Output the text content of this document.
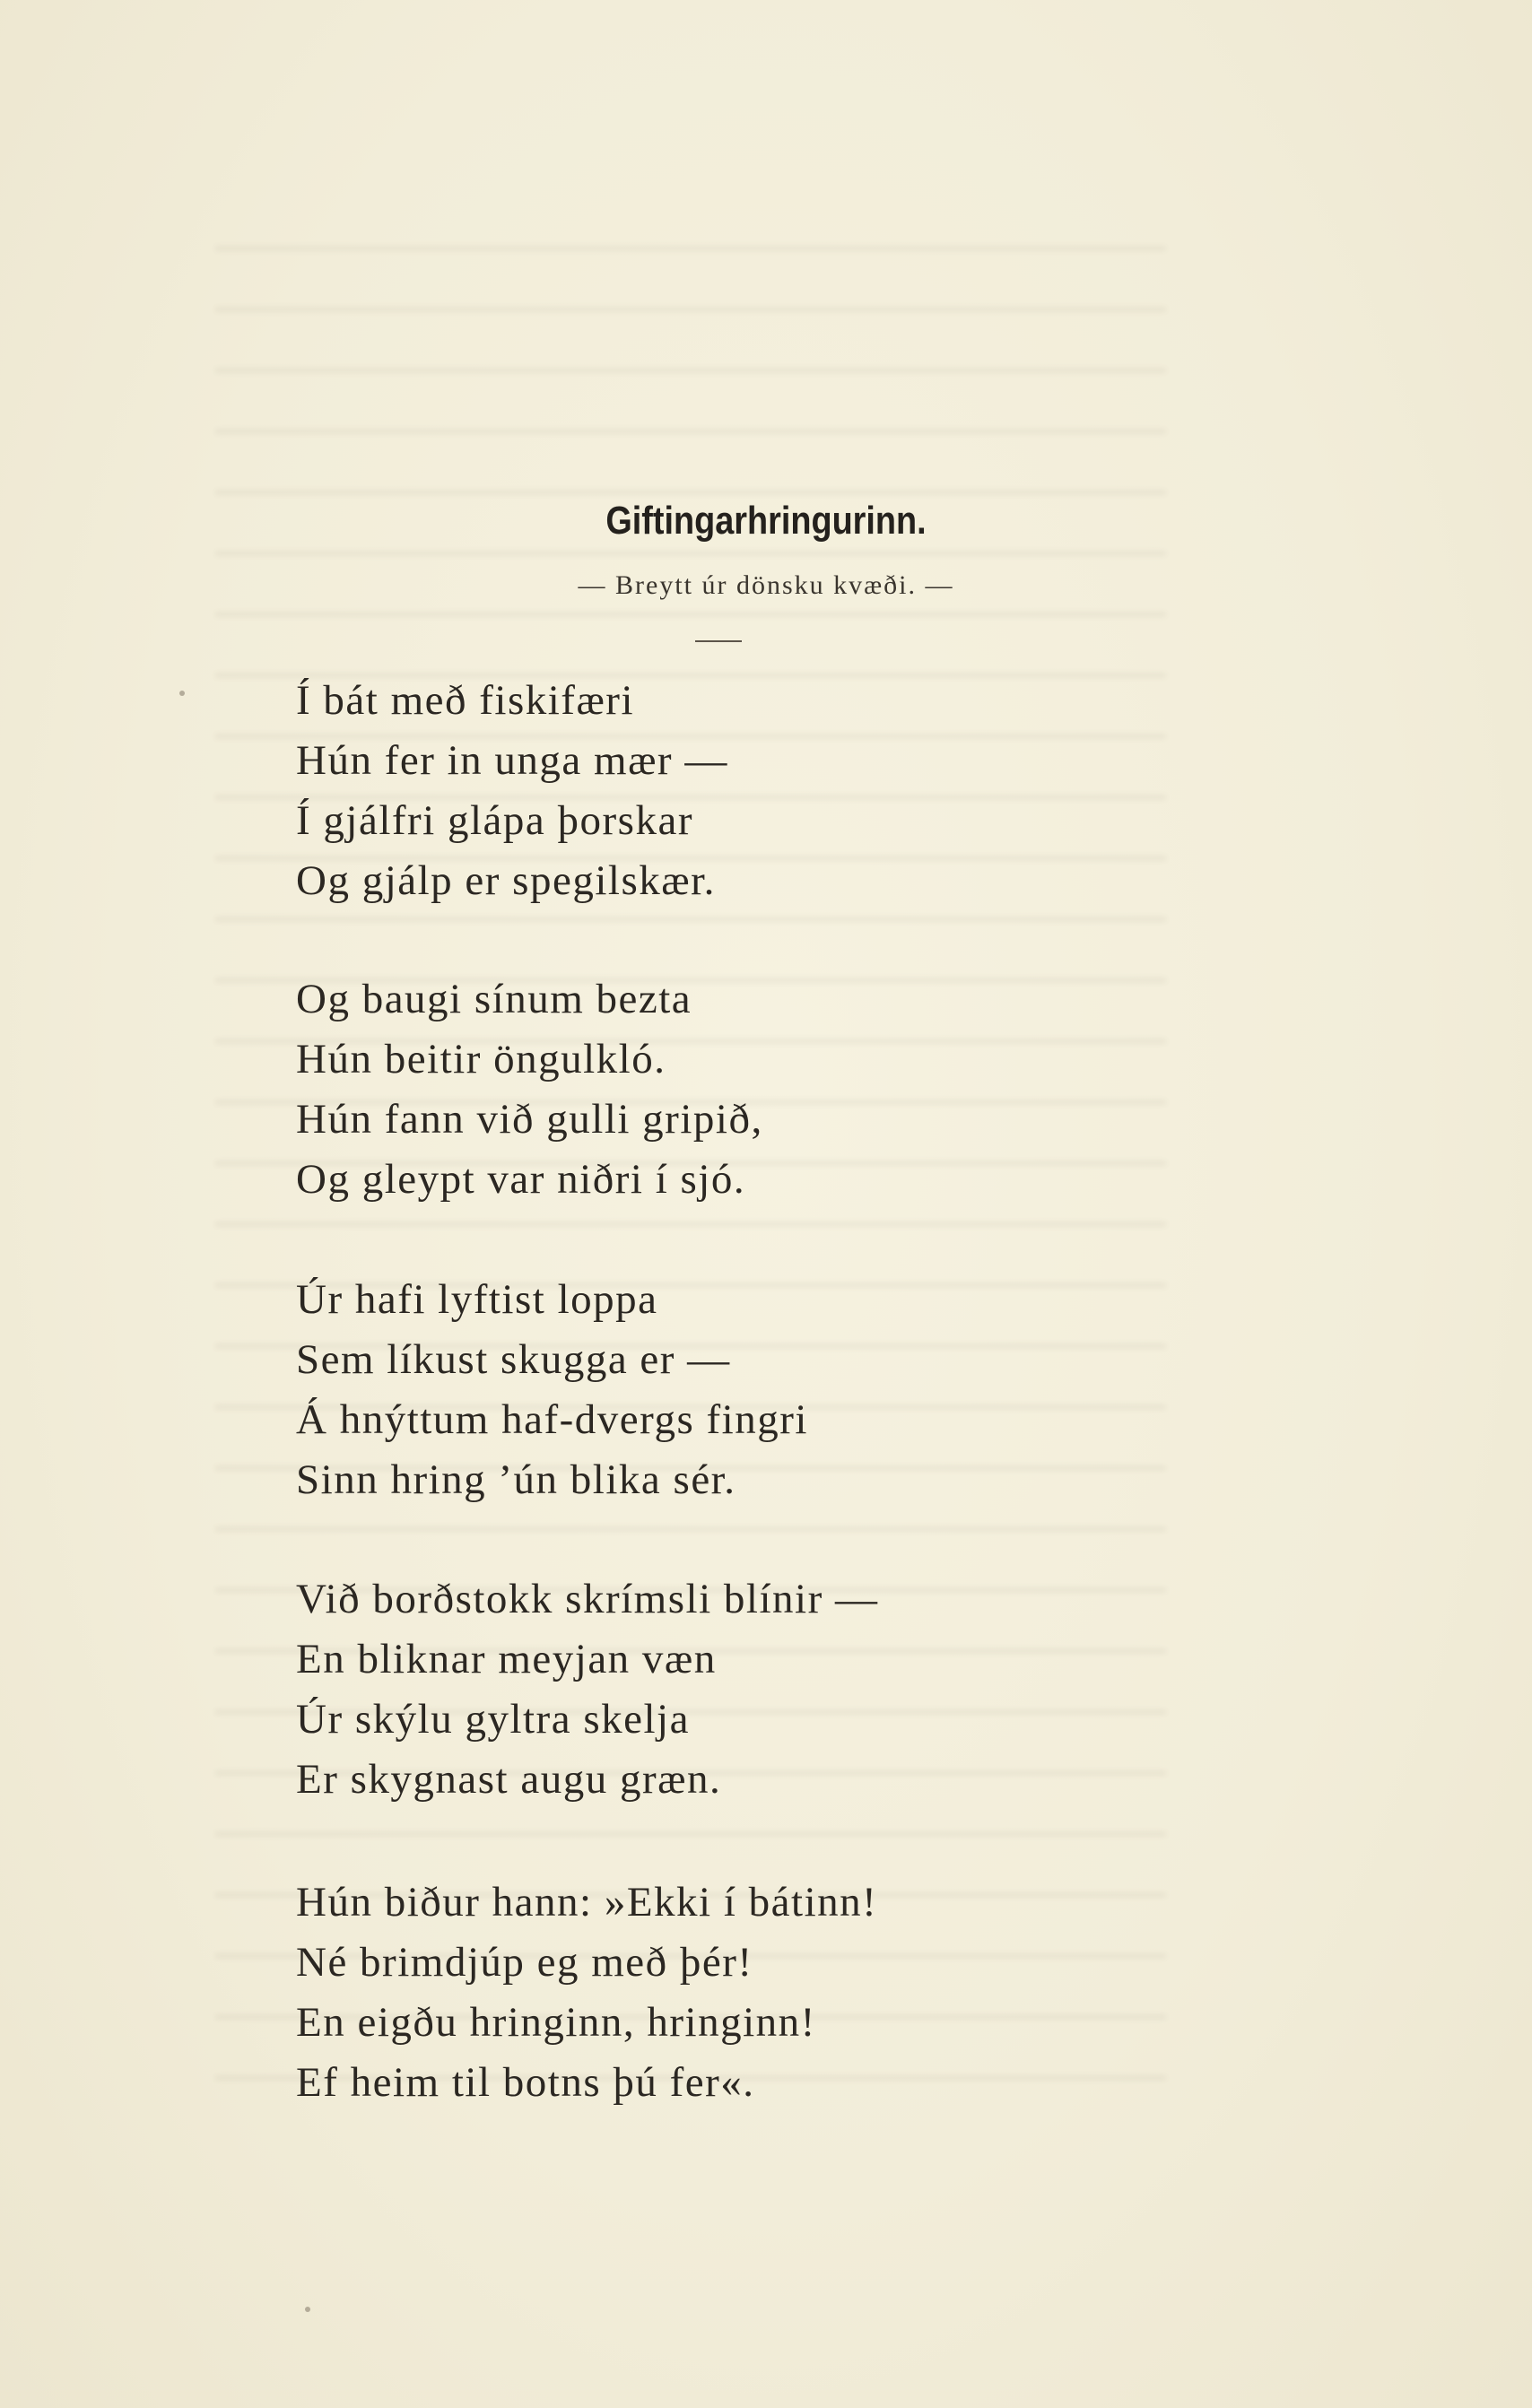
Giftingarhringurinn.
— Breytt úr dönsku kvæði. —
Í bát með fiskifæri
Hún fer in unga mær —
Í gjálfri glápa þorskar
Og gjálp er spegilskær.
Og baugi sínum bezta
Hún beitir öngulkló.
Hún fann við gulli gripið,
Og gleypt var niðri í sjó.
Úr hafi lyftist loppa
Sem líkust skugga er —
Á hnýttum haf-dvergs fingri
Sinn hring ’ún blika sér.
Við borðstokk skrímsli blínir —
En bliknar meyjan væn
Úr skýlu gyltra skelja
Er skygnast augu græn.
Hún biður hann: »Ekki í bátinn!
Né brimdjúp eg með þér!
En eigðu hringinn, hringinn!
Ef heim til botns þú fer«.
